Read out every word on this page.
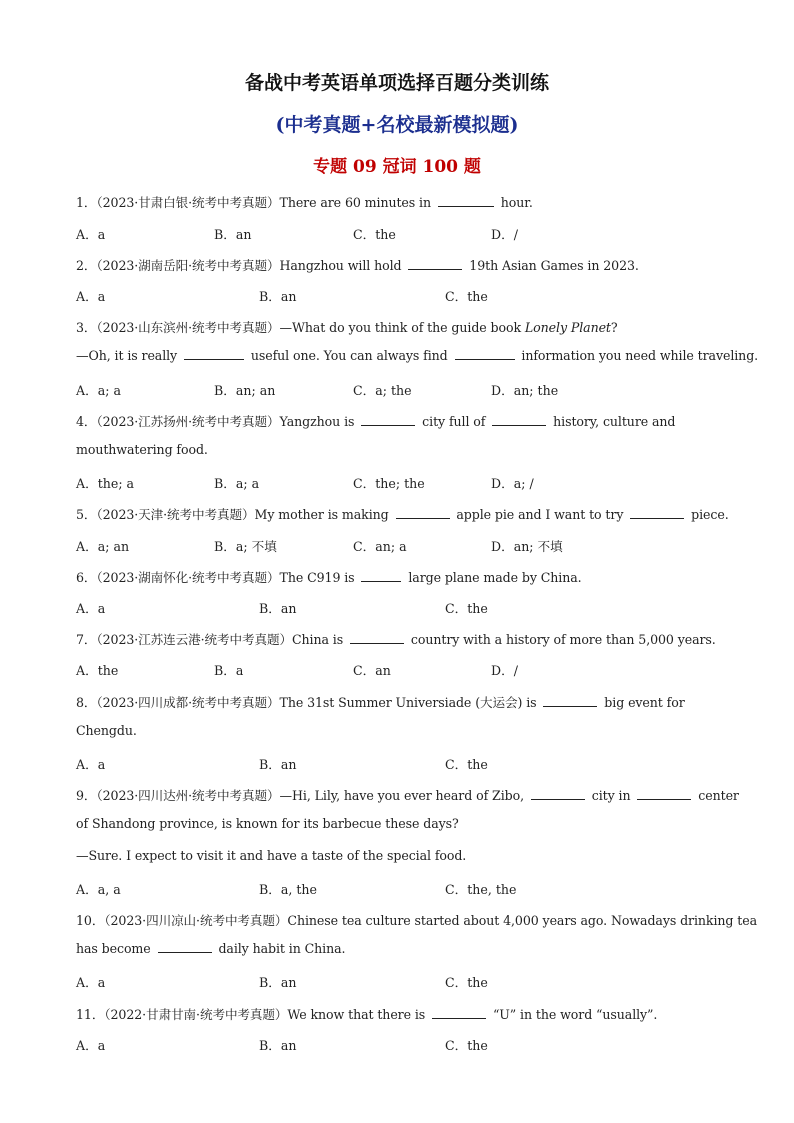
备战中考英语单项选择百题分类训练
(中考真题+名校最新模拟题)
专题 09 冠词 100 题
1．（2023·甘肃白银·统考中考真题）There are 60 minutes in	hour.
A．a	B．an	C．the	D．/
2．（2023·湖南岳阳·统考中考真题）Hangzhou will hold	19th Asian Games in 2023.
A．a	B．an	C．the
3．（2023·山东滨州·统考中考真题）—What do you think of the guide book Lonely Planet?
—Oh, it is really	useful one. You can always find	information you need while traveling.
A．a; a	B．an; an	C．a; the	D．an; the
4．（2023·江苏扬州·统考中考真题）Yangzhou is	city full of	history, culture and
mouthwatering food.
A．the; a	B．a; a	C．the; the	D．a; /
5．（2023·天津·统考中考真题）My mother is making	apple pie and I want to try	piece.
A．a; an	B．a; 不填	C．an; a	D．an; 不填
6．（2023·湖南怀化·统考中考真题）The C919 is	large plane made by China.
A．a	B．an	C．the
7．（2023·江苏连云港·统考中考真题）China is	country with a history of more than 5,000 years.
A．the	B．a	C．an	D．/
8．（2023·四川成都·统考中考真题）The 31st Summer Universiade (大运会) is	big event for
Chengdu.
A．a	B．an	C．the
9．（2023·四川达州·统考中考真题）—Hi, Lily, have you ever heard of Zibo,	city in	center
of Shandong province, is known for its barbecue these days?
—Sure. I expect to visit it and have a taste of the special food.
A．a, a	B．a, the	C．the, the
10．（2023·四川凉山·统考中考真题）Chinese tea culture started about 4,000 years ago. Nowadays drinking tea
has become	daily habit in China.
A．a	B．an	C．the
11．（2022·甘肃甘南·统考中考真题）We know that there is	“U” in the word “usually”.
A．a	B．an	C．the
